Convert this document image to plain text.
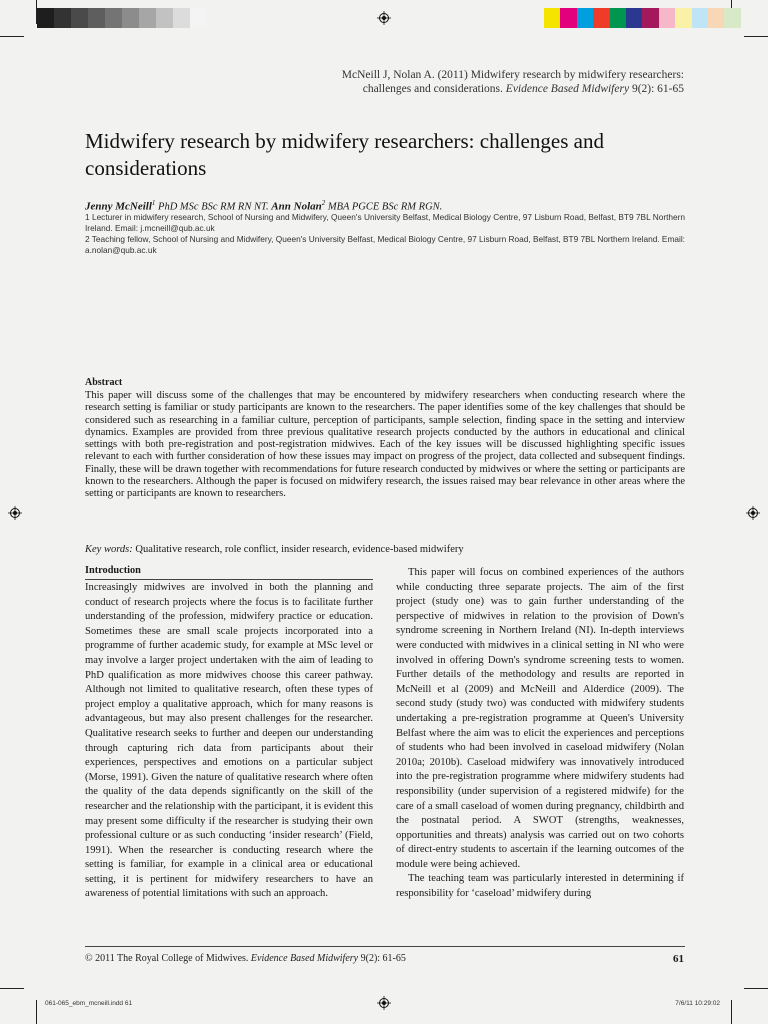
McNeill J, Nolan A. (2011) Midwifery research by midwifery researchers:
challenges and considerations. Evidence Based Midwifery 9(2): 61-65
Midwifery research by midwifery researchers: challenges and considerations
Jenny McNeill$^1$ PhD MSc BSc RM RN NT. Ann Nolan$^2$ MBA PGCE BSc RM RGN.
1 Lecturer in midwifery research, School of Nursing and Midwifery, Queen's University Belfast, Medical Biology Centre, 97 Lisburn Road, Belfast, BT9 7BL Northern Ireland. Email: j.mcneill@qub.ac.uk
2 Teaching fellow, School of Nursing and Midwifery, Queen's University Belfast, Medical Biology Centre, 97 Lisburn Road, Belfast, BT9 7BL Northern Ireland. Email: a.nolan@qub.ac.uk
Abstract
This paper will discuss some of the challenges that may be encountered by midwifery researchers when conducting research where the research setting is familiar or study participants are known to the researchers. The paper identifies some of the key challenges that should be considered such as researching in a familiar culture, perception of participants, sample selection, finding space in the setting and interview dynamics. Examples are provided from three previous qualitative research projects conducted by the authors in educational and clinical settings with both pre-registration and post-registration midwives. Each of the key issues will be discussed highlighting specific issues relevant to each with further consideration of how these issues may impact on progress of the project, data collected and subsequent findings. Finally, these will be drawn together with recommendations for future research conducted by midwives or where the setting or participants are known to the researchers. Although the paper is focused on midwifery research, the issues raised may bear relevance in other areas where the setting or participants are known to researchers.
Key words: Qualitative research, role conflict, insider research, evidence-based midwifery
Introduction

Increasingly midwives are involved in both the planning and conduct of research projects where the focus is to facilitate further understanding of the profession, midwifery practice or education. Sometimes these are small scale projects incorporated into a programme of further academic study, for example at MSc level or may involve a larger project undertaken with the aim of leading to PhD qualification as more midwives choose this career pathway. Although not limited to qualitative research, often these types of project employ a qualitative approach, which for many reasons is advantageous, but may also present challenges for the researcher. Qualitative research seeks to further and deepen our understanding through capturing rich data from participants about their experiences, perspectives and emotions on a particular subject (Morse, 1991). Given the nature of qualitative research where often the quality of the data depends significantly on the skill of the researcher and the relationship with the participant, it is evident this may present some difficulty if the researcher is studying their own professional culture or as such conducting ‘insider research’ (Field, 1991). When the researcher is conducting research where the setting is familiar, for example in a clinical area or educational setting, it is pertinent for midwifery researchers to have an awareness of potential limitations with such an approach.

This paper will focus on combined experiences of the authors while conducting three separate projects. The aim of the first project (study one) was to gain further understanding of the perspective of midwives in relation to the provision of Down's syndrome screening in Northern Ireland (NI). In-depth interviews were conducted with midwives in a clinical setting in NI who were involved in offering Down's syndrome screening tests to women. Further details of the methodology and results are reported in McNeill et al (2009) and McNeill and Alderdice (2009). The second study (study two) was conducted with midwifery students undertaking a pre-registration programme at Queen's University Belfast where the aim was to elicit the experiences and perceptions of students who had been involved in caseload midwifery (Nolan 2010a; 2010b). Caseload midwifery was innovatively introduced into the pre-registration programme where midwifery students had responsibility (under supervision of a registered midwife) for the care of a small caseload of women during pregnancy, childbirth and the postnatal period. A SWOT (strengths, weaknesses, opportunities and threats) analysis was carried out on two cohorts of direct-entry students to ascertain if the learning outcomes of the module were being achieved.

The teaching team was particularly interested in determining if responsibility for ‘caseload’ midwifery during

© 2011 The Royal College of Midwives. Evidence Based Midwifery 9(2): 61-65	61
061-065_ebm_mcneill.indd 61	7/6/11 10:29:02
